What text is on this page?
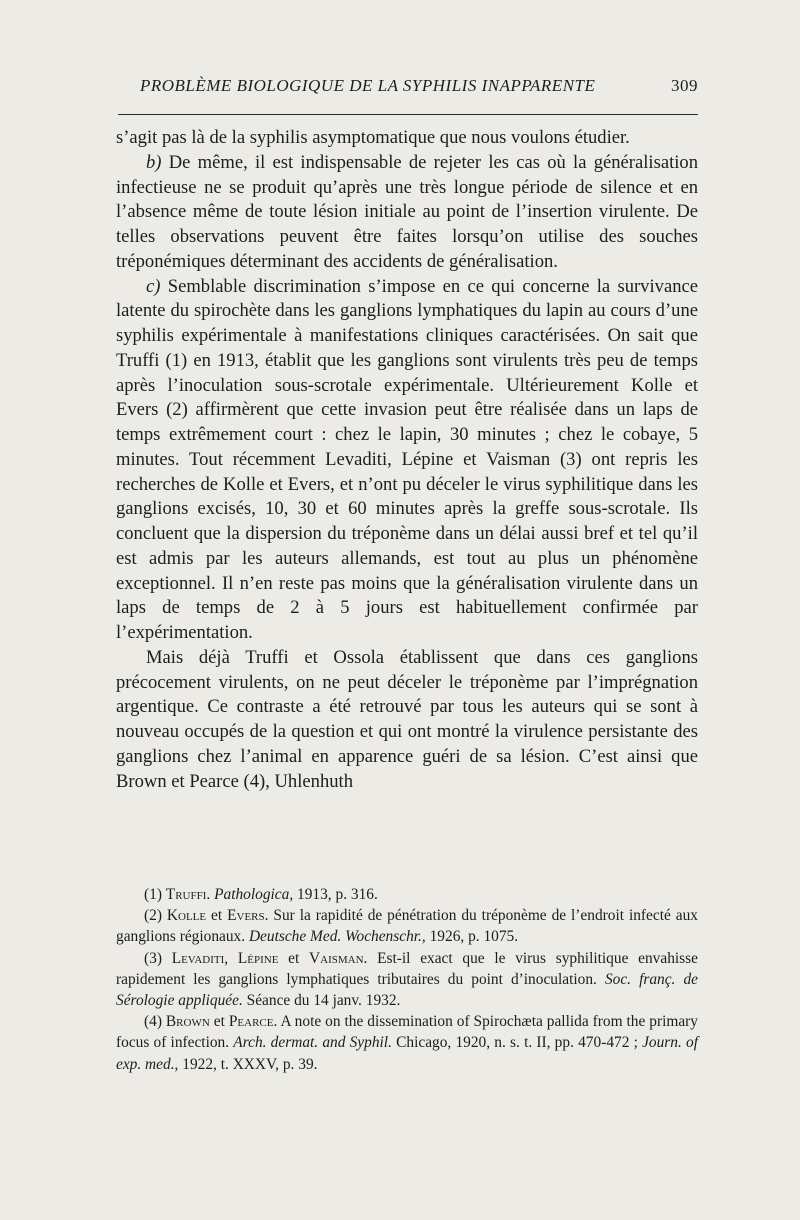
PROBLÈME BIOLOGIQUE DE LA SYPHILIS INAPPARENTE	309

s’agit pas là de la syphilis asymptomatique que nous voulons étudier.

b) De même, il est indispensable de rejeter les cas où la généralisation infectieuse ne se produit qu’après une très longue période de silence et en l’absence même de toute lésion initiale au point de l’insertion virulente. De telles observations peuvent être faites lorsqu’on utilise des souches tréponémiques déterminant des accidents de généralisation.

c) Semblable discrimination s’impose en ce qui concerne la survivance latente du spirochète dans les ganglions lymphatiques du lapin au cours d’une syphilis expérimentale à manifestations cliniques caractérisées. On sait que Truffi (1) en 1913, établit que les ganglions sont virulents très peu de temps après l’inoculation sous-scrotale expérimentale. Ultérieurement Kolle et Evers (2) affirmèrent que cette invasion peut être réalisée dans un laps de temps extrêmement court : chez le lapin, 30 minutes ; chez le cobaye, 5 minutes. Tout récemment Levaditi, Lépine et Vaisman (3) ont repris les recherches de Kolle et Evers, et n’ont pu déceler le virus syphilitique dans les ganglions excisés, 10, 30 et 60 minutes après la greffe sous-scrotale. Ils concluent que la dispersion du tréponème dans un délai aussi bref et tel qu’il est admis par les auteurs allemands, est tout au plus un phénomène exceptionnel. Il n’en reste pas moins que la généralisation virulente dans un laps de temps de 2 à 5 jours est habituellement confirmée par l’expérimentation.

Mais déjà Truffi et Ossola établissent que dans ces ganglions précocement virulents, on ne peut déceler le tréponème par l’imprégnation argentique. Ce contraste a été retrouvé par tous les auteurs qui se sont à nouveau occupés de la question et qui ont montré la virulence persistante des ganglions chez l’animal en apparence guéri de sa lésion. C’est ainsi que Brown et Pearce (4), Uhlenhuth

(1) Truffi. Pathologica, 1913, p. 316.

(2) Kolle et Evers. Sur la rapidité de pénétration du tréponème de l’endroit infecté aux ganglions régionaux. Deutsche Med. Wochenschr., 1926, p. 1075.

(3) Levaditi, Lépine et Vaisman. Est-il exact que le virus syphilitique envahisse rapidement les ganglions lymphatiques tributaires du point d’inoculation. Soc. franç. de Sérologie appliquée. Séance du 14 janv. 1932.

(4) Brown et Pearce. A note on the dissemination of Spirochæta pallida from the primary focus of infection. Arch. dermat. and Syphil. Chicago, 1920, n. s. t. II, pp. 470-472 ; Journ. of exp. med., 1922, t. XXXV, p. 39.
